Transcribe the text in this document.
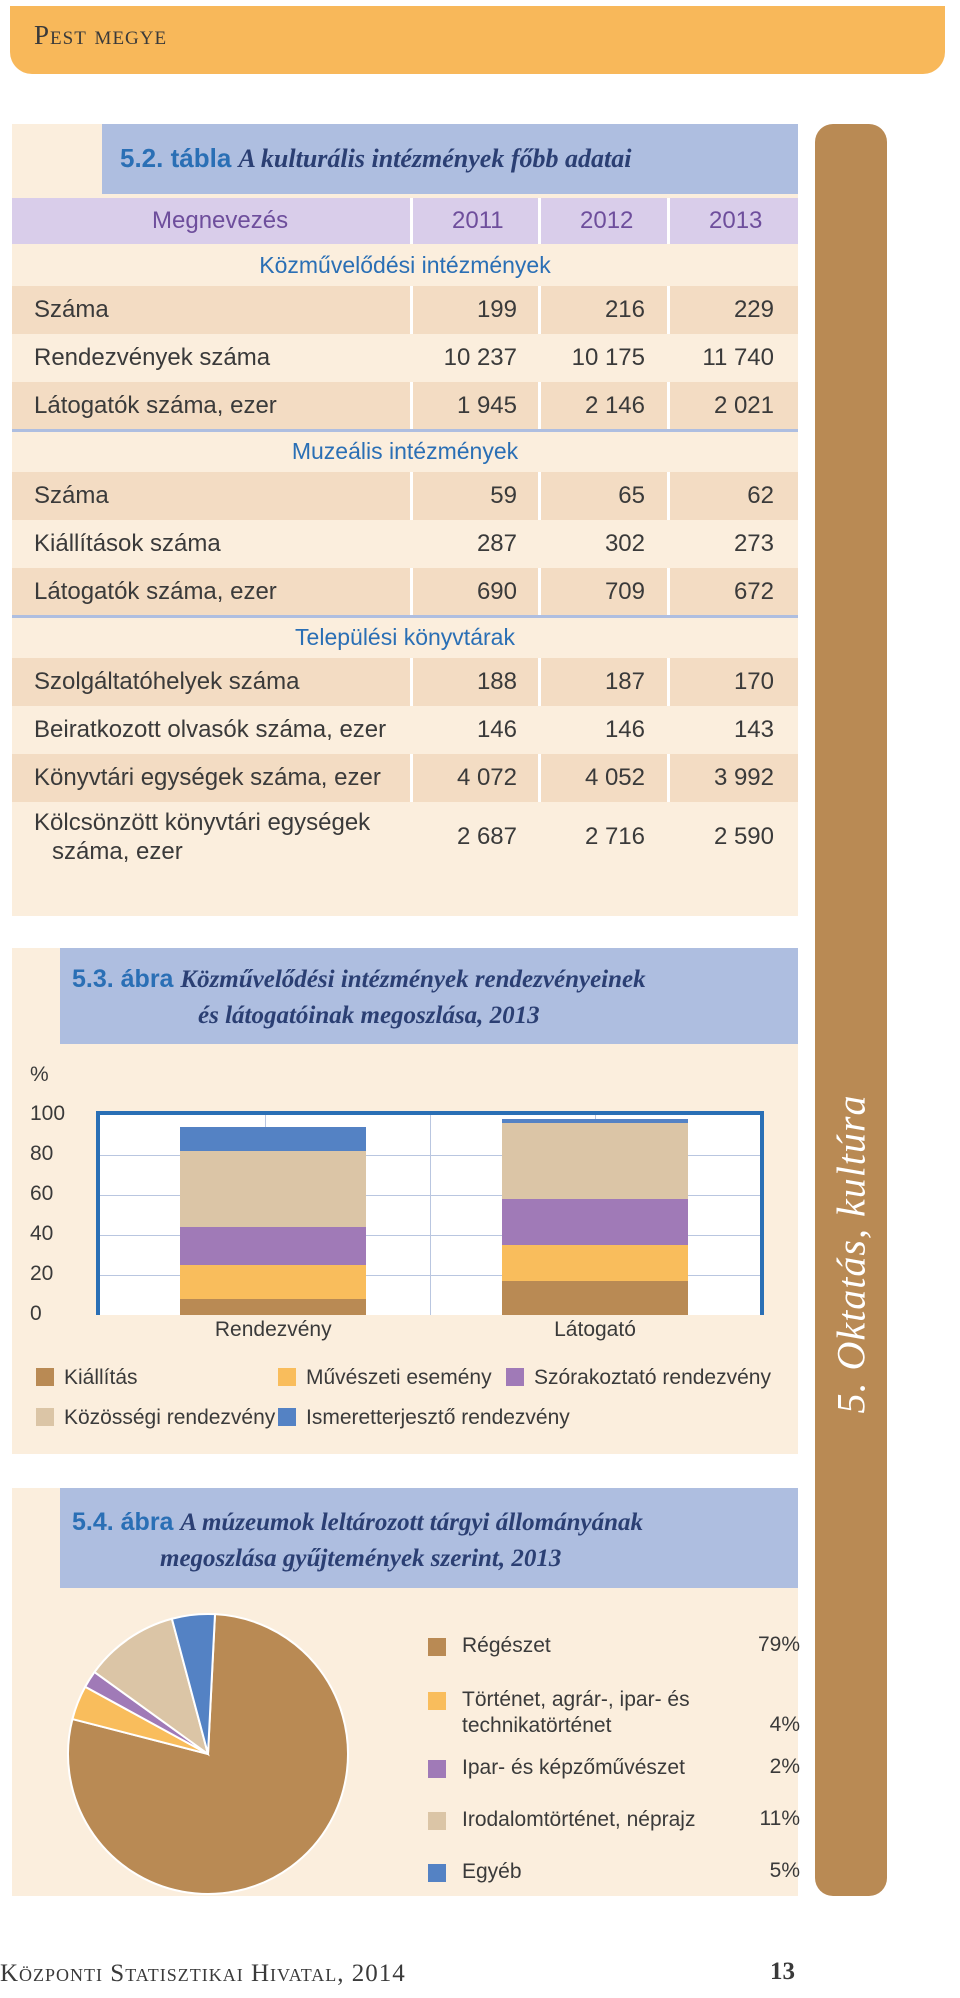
Pest megye
5. Oktatás, kultúra
5.2. tábla A kulturális intézmények főbb adatai
Megnevezés	2011	2012	2013
Közművelődési intézmények
Száma	199	216	229
Rendezvények száma	10 237	10 175	11 740
Látogatók száma, ezer	1 945	2 146	2 021
Muzeális intézmények
Száma	59	65	62
Kiállítások száma	287	302	273
Látogatók száma, ezer	690	709	672
Települési könyvtárak
Szolgáltatóhelyek száma	188	187	170
Beiratkozott olvasók száma, ezer	146	146	143
Könyvtári egységek száma, ezer	4 072	4 052	3 992
Kölcsönzött könyvtári egységek
száma, ezer
2 687	2 716	2 590
5.3. ábra Közművelődési intézmények rendezvényeinek
és látogatóinak megoszlása, 2013
%
0
20
40
60
80
100
Rendezvény	Látogató
Kiállítás	Művészeti esemény	Szórakoztató rendezvény
Közösségi rendezvény	Ismeretterjesztő rendezvény
5.4. ábra A múzeumok leltározott tárgyi állományának
megoszlása gyűjtemények szerint, 2013
Régészet	79%
Történet, agrár-, ipar- és
technikatörténet	4%
Ipar- és képzőművészet	2%
Irodalomtörténet, néprajz	11%
Egyéb	5%
Központi Statisztikai Hivatal, 2014	13
